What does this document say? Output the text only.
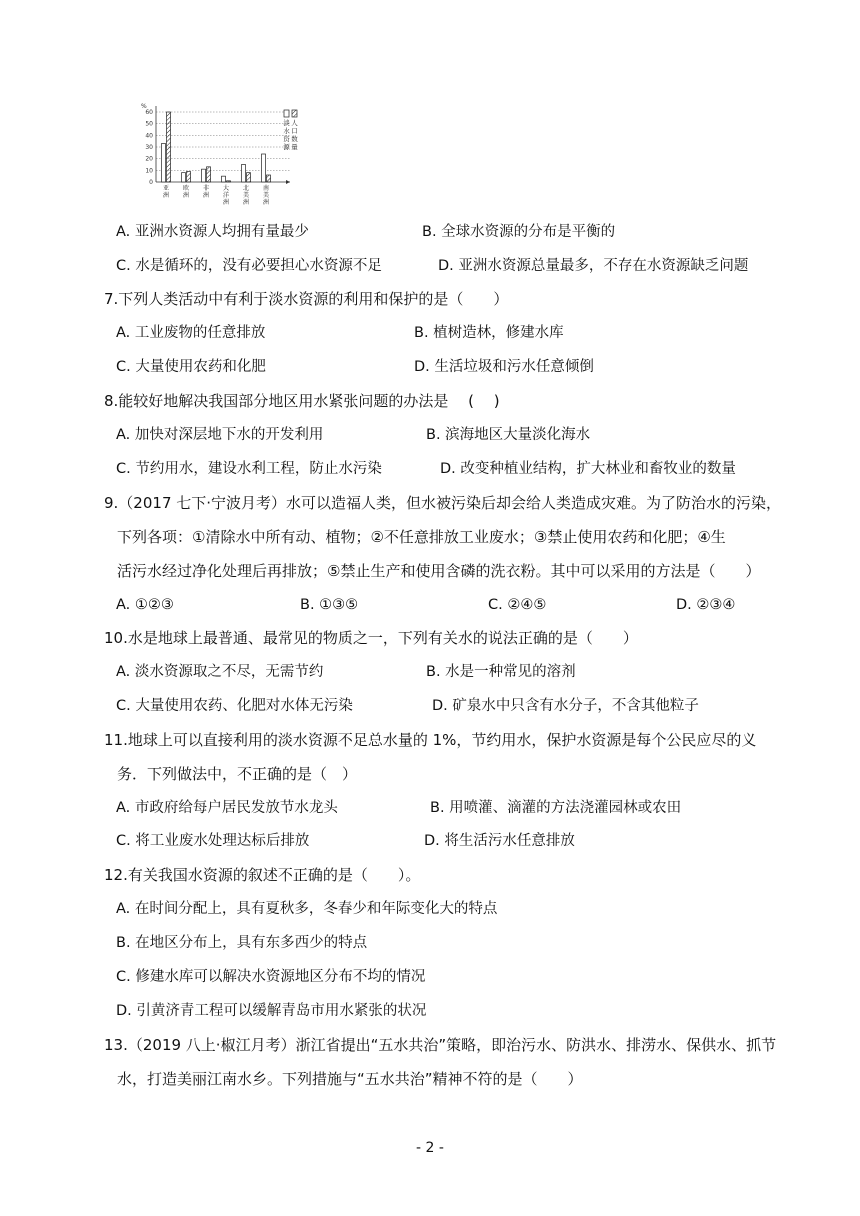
%
0
10
20
30
40
50
60
亚
洲
欧
洲
非
洲
大
洋
洲
北
美
洲
南
美
洲
淡
水
资
源
人
口
数
量
A. 亚洲水资源人均拥有量最少	B. 全球水资源的分布是平衡的
C. 水是循环的，没有必要担心水资源不足	D. 亚洲水资源总量最多，不存在水资源缺乏问题
7.下列人类活动中有利于淡水资源的利用和保护的是（　　）
A. 工业废物的任意排放	B. 植树造林，修建水库
C. 大量使用农药和化肥	D. 生活垃圾和污水任意倾倒
8.能较好地解决我国部分地区用水紧张问题的办法是　 (　 )
A. 加快对深层地下水的开发利用	B. 滨海地区大量淡化海水
C. 节约用水，建设水利工程，防止水污染	D. 改变种植业结构，扩大林业和畜牧业的数量
9.（2017 七下·宁波月考）水可以造福人类，但水被污染后却会给人类造成灾难。为了防治水的污染，
下列各项：①清除水中所有动、植物；②不任意排放工业废水；③禁止使用农药和化肥；④生
活污水经过净化处理后再排放；⑤禁止生产和使用含磷的洗衣粉。其中可以采用的方法是（　　）
A. ①②③	B. ①③⑤	C. ②④⑤	D. ②③④
10.水是地球上最普通、最常见的物质之一，下列有关水的说法正确的是（　　）
A. 淡水资源取之不尽，无需节约	B. 水是一种常见的溶剂
C. 大量使用农药、化肥对水体无污染	D. 矿泉水中只含有水分子，不含其他粒子
11.地球上可以直接利用的淡水资源不足总水量的 1%，节约用水，保护水资源是每个公民应尽的义
务．下列做法中，不正确的是（　）
A. 市政府给每户居民发放节水龙头	B. 用喷灌、滴灌的方法浇灌园林或农田
C. 将工业废水处理达标后排放	D. 将生活污水任意排放
12.有关我国水资源的叙述不正确的是（　　）。
A. 在时间分配上，具有夏秋多，冬春少和年际变化大的特点
B. 在地区分布上，具有东多西少的特点
C. 修建水库可以解决水资源地区分布不均的情况
D. 引黄济青工程可以缓解青岛市用水紧张的状况
13.（2019 八上·椒江月考）浙江省提出“五水共治”策略，即治污水、防洪水、排涝水、保供水、抓节
水，打造美丽江南水乡。下列措施与“五水共治”精神不符的是（　　）
- 2 -
